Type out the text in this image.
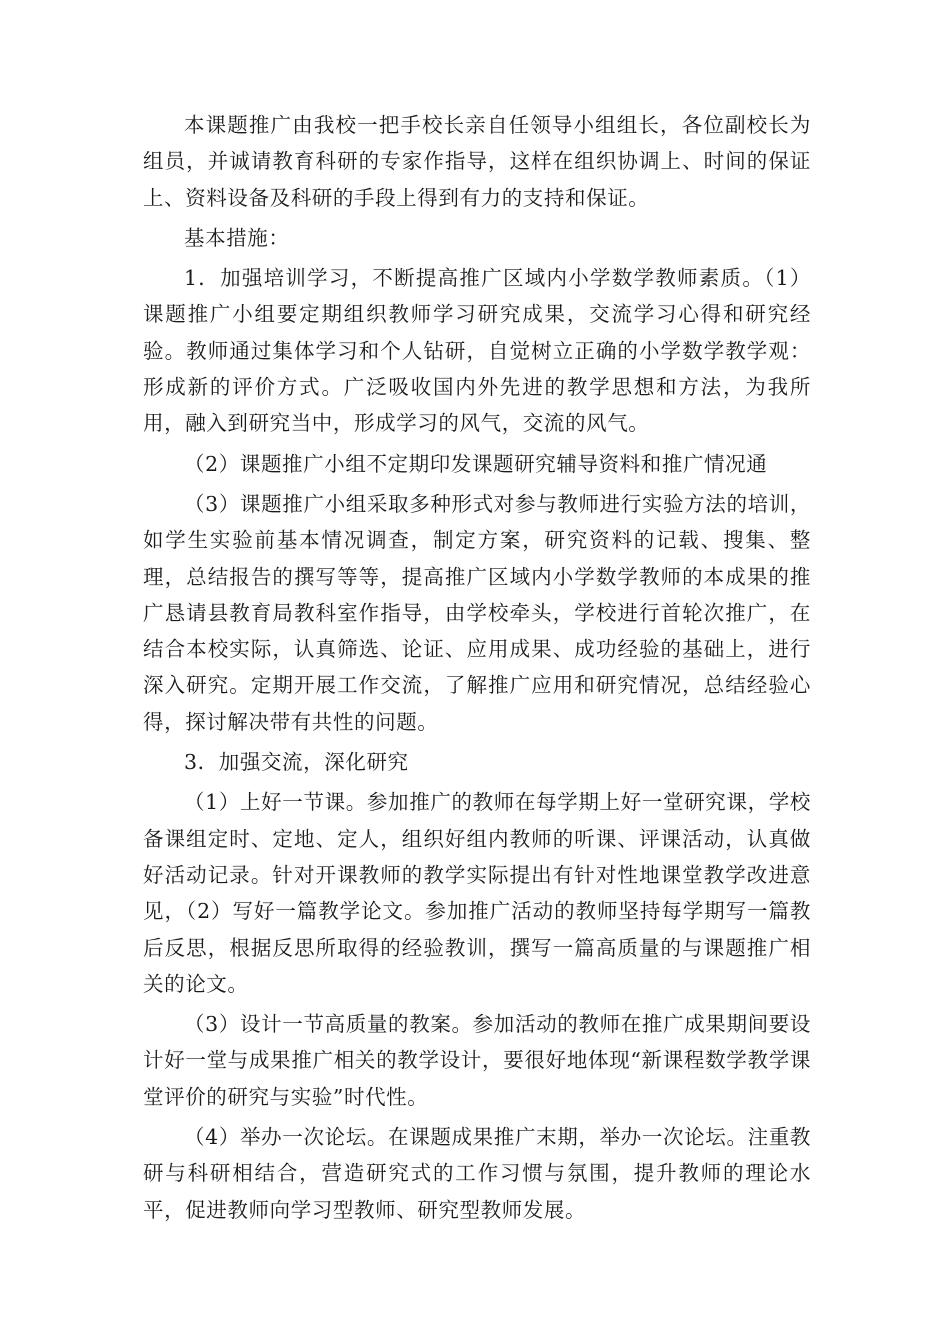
本课题推广由我校一把手校长亲自任领导小组组长，各位副校长为组员，并诚请教育科研的专家作指导，这样在组织协调上、时间的保证上、资料设备及科研的手段上得到有力的支持和保证。

基本措施：

1．加强培训学习，不断提高推广区域内小学数学教师素质。（1）课题推广小组要定期组织教师学习研究成果，交流学习心得和研究经验。教师通过集体学习和个人钻研，自觉树立正确的小学数学教学观：形成新的评价方式。广泛吸收国内外先进的教学思想和方法，为我所用，融入到研究当中，形成学习的风气，交流的风气。

（2）课题推广小组不定期印发课题研究辅导资料和推广情况通

（3）课题推广小组采取多种形式对参与教师进行实验方法的培训，如学生实验前基本情况调查，制定方案，研究资料的记载、搜集、整理，总结报告的撰写等等，提高推广区域内小学数学教师的本成果的推广恳请县教育局教科室作指导，由学校牵头，学校进行首轮次推广，在结合本校实际，认真筛选、论证、应用成果、成功经验的基础上，进行深入研究。定期开展工作交流，了解推广应用和研究情况，总结经验心得，探讨解决带有共性的问题。

3．加强交流，深化研究

（1）上好一节课。参加推广的教师在每学期上好一堂研究课，学校备课组定时、定地、定人，组织好组内教师的听课、评课活动，认真做好活动记录。针对开课教师的教学实际提出有针对性地课堂教学改进意见，（2）写好一篇教学论文。参加推广活动的教师坚持每学期写一篇教后反思，根据反思所取得的经验教训，撰写一篇高质量的与课题推广相关的论文。

（3）设计一节高质量的教案。参加活动的教师在推广成果期间要设计好一堂与成果推广相关的教学设计，要很好地体现“新课程数学教学课堂评价的研究与实验”时代性。

（4）举办一次论坛。在课题成果推广末期，举办一次论坛。注重教研与科研相结合，营造研究式的工作习惯与氛围，提升教师的理论水平，促进教师向学习型教师、研究型教师发展。
